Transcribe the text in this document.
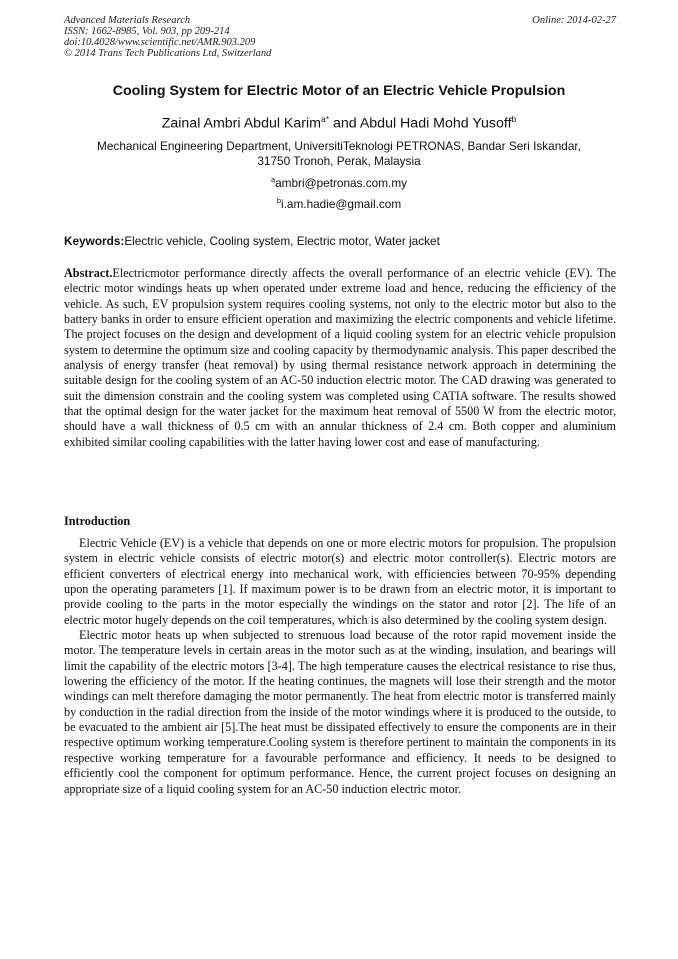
Advanced Materials Research
ISSN: 1662-8985, Vol. 903, pp 209-214
doi:10.4028/www.scientific.net/AMR.903.209
© 2014 Trans Tech Publications Ltd, Switzerland
Online: 2014-02-27
Cooling System for Electric Motor of an Electric Vehicle Propulsion
Zainal Ambri Abdul Karim$^{a*}$ and Abdul Hadi Mohd Yusoff$^b$
Mechanical Engineering Department, UniversitiTeknologi PETRONAS, Bandar Seri Iskandar,
31750 Tronoh, Perak, Malaysia
$^a$ambri@petronas.com.my
$^b$i.am.hadie@gmail.com
Keywords:Electric vehicle, Cooling system, Electric motor, Water jacket

Abstract.Electricmotor performance directly affects the overall performance of an electric vehicle (EV). The electric motor windings heats up when operated under extreme load and hence, reducing the efficiency of the vehicle. As such, EV propulsion system requires cooling systems, not only to the electric motor but also to the battery banks in order to ensure efficient operation and maximizing the electric components and vehicle lifetime. The project focuses on the design and development of a liquid cooling system for an electric vehicle propulsion system to determine the optimum size and cooling capacity by thermodynamic analysis. This paper described the analysis of energy transfer (heat removal) by using thermal resistance network approach in determining the suitable design for the cooling system of an AC-50 induction electric motor. The CAD drawing was generated to suit the dimension constrain and the cooling system was completed using CATIA software. The results showed that the optimal design for the water jacket for the maximum heat removal of 5500 W from the electric motor, should have a wall thickness of 0.5 cm with an annular thickness of 2.4 cm. Both copper and aluminium exhibited similar cooling capabilities with the latter having lower cost and ease of manufacturing.

Introduction

Electric Vehicle (EV) is a vehicle that depends on one or more electric motors for propulsion. The propulsion system in electric vehicle consists of electric motor(s) and electric motor controller(s). Electric motors are efficient converters of electrical energy into mechanical work, with efficiencies between 70-95% depending upon the operating parameters [1]. If maximum power is to be drawn from an electric motor, it is important to provide cooling to the parts in the motor especially the windings on the stator and rotor [2]. The life of an electric motor hugely depends on the coil temperatures, which is also determined by the cooling system design.

Electric motor heats up when subjected to strenuous load because of the rotor rapid movement inside the motor. The temperature levels in certain areas in the motor such as at the winding, insulation, and bearings will limit the capability of the electric motors [3-4]. The high temperature causes the electrical resistance to rise thus, lowering the efficiency of the motor. If the heating continues, the magnets will lose their strength and the motor windings can melt therefore damaging the motor permanently. The heat from electric motor is transferred mainly by conduction in the radial direction from the inside of the motor windings where it is produced to the outside, to be evacuated to the ambient air [5].The heat must be dissipated effectively to ensure the components are in their respective optimum working temperature.Cooling system is therefore pertinent to maintain the components in its respective working temperature for a favourable performance and efficiency. It needs to be designed to efficiently cool the component for optimum performance. Hence, the current project focuses on designing an appropriate size of a liquid cooling system for an AC-50 induction electric motor.
